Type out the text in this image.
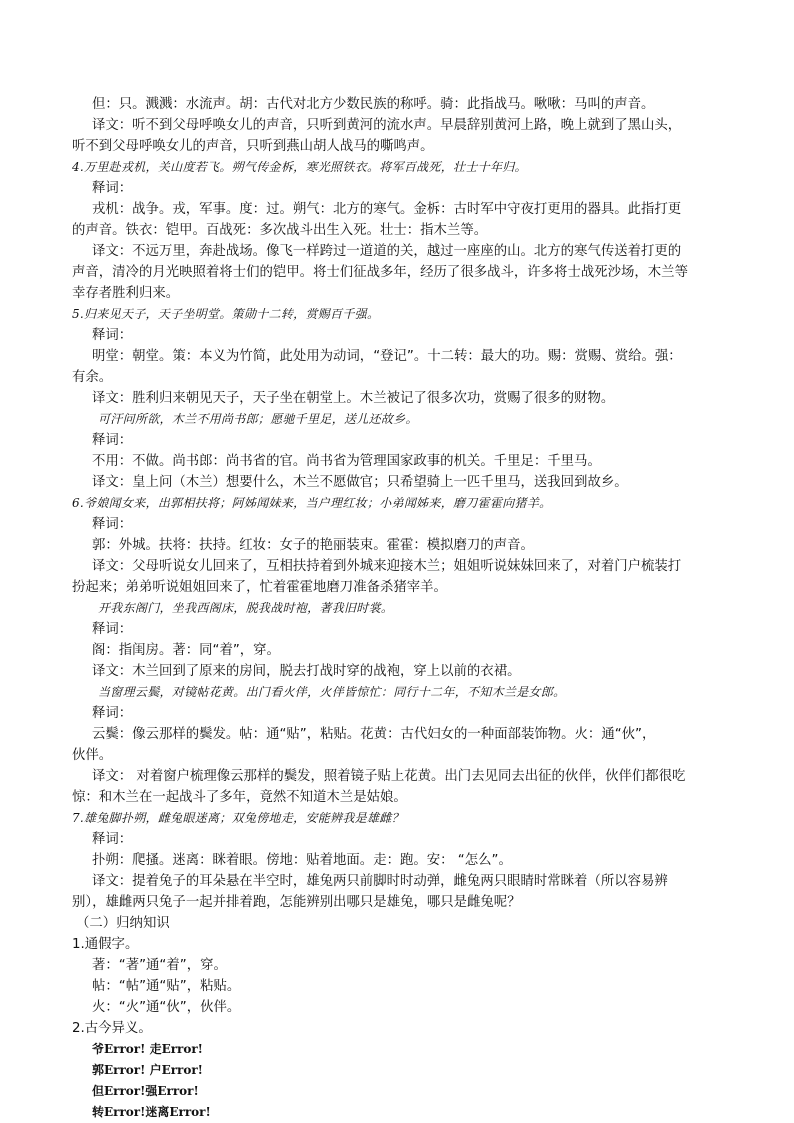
但：只。溅溅：水流声。胡：古代对北方少数民族的称呼。骑：此指战马。啾啾：马叫的声音。
译文：听不到父母呼唤女儿的声音，只听到黄河的流水声。早晨辞别黄河上路，晚上就到了黑山头，
听不到父母呼唤女儿的声音，只听到燕山胡人战马的嘶鸣声。
4.万里赴戎机，关山度若飞。朔气传金柝，寒光照铁衣。将军百战死，壮士十年归。
释词：
戎机：战争。戎，军事。度：过。朔气：北方的寒气。金柝：古时军中守夜打更用的器具。此指打更
的声音。铁衣：铠甲。百战死：多次战斗出生入死。壮士：指木兰等。
译文：不远万里，奔赴战场。像飞一样跨过一道道的关，越过一座座的山。北方的寒气传送着打更的
声音，清冷的月光映照着将士们的铠甲。将士们征战多年，经历了很多战斗，许多将士战死沙场，木兰等
幸存者胜利归来。
5.归来见天子，天子坐明堂。策勋十二转，赏赐百千强。
释词：
明堂：朝堂。策：本义为竹简，此处用为动词，“登记”。十二转：最大的功。赐：赏赐、赏给。强：
有余。
译文：胜利归来朝见天子，天子坐在朝堂上。木兰被记了很多次功，赏赐了很多的财物。
可汗问所欲，木兰不用尚书郎；愿驰千里足，送儿还故乡。
释词：
不用：不做。尚书郎：尚书省的官。尚书省为管理国家政事的机关。千里足：千里马。
译文：皇上问（木兰）想要什么，木兰不愿做官；只希望骑上一匹千里马，送我回到故乡。
6.爷娘闻女来，出郭相扶将；阿姊闻妹来，当户理红妆；小弟闻姊来，磨刀霍霍向猪羊。
释词：
郭：外城。扶将：扶持。红妆：女子的艳丽装束。霍霍：模拟磨刀的声音。
译文：父母听说女儿回来了，互相扶持着到外城来迎接木兰；姐姐听说妹妹回来了，对着门户梳装打
扮起来；弟弟听说姐姐回来了，忙着霍霍地磨刀准备杀猪宰羊。
开我东阁门，坐我西阁床，脱我战时袍，著我旧时裳。
释词：
阁：指闺房。著：同“着”，穿。
译文：木兰回到了原来的房间，脱去打战时穿的战袍，穿上以前的衣裙。
当窗理云鬓，对镜帖花黄。出门看火伴，火伴皆惊忙：同行十二年，不知木兰是女郎。
释词：
云鬓：像云那样的鬓发。帖：通“贴”，粘贴。花黄：古代妇女的一种面部装饰物。火：通“伙”，
伙伴。
译文： 对着窗户梳理像云那样的鬓发，照着镜子贴上花黄。出门去见同去出征的伙伴，伙伴们都很吃
惊：和木兰在一起战斗了多年，竟然不知道木兰是姑娘。
7.雄兔脚扑朔，雌兔眼迷离；双兔傍地走，安能辨我是雄雌？
释词：
扑朔：爬搔。迷离：眯着眼。傍地：贴着地面。走：跑。安： “怎么”。
译文：提着兔子的耳朵悬在半空时，雄兔两只前脚时时动弹，雌兔两只眼睛时常眯着（所以容易辨
别），雄雌两只兔子一起并排着跑，怎能辨别出哪只是雄兔，哪只是雌兔呢？
（二）归纳知识
1.通假字。
著：“著”通“着”，穿。
帖：“帖”通“贴”，粘贴。
火：“火”通“伙”，伙伴。
2.古今异义。
爷Error! 走Error!
郭Error! 户Error!
但Error!强Error!
转Error!迷离Error!
